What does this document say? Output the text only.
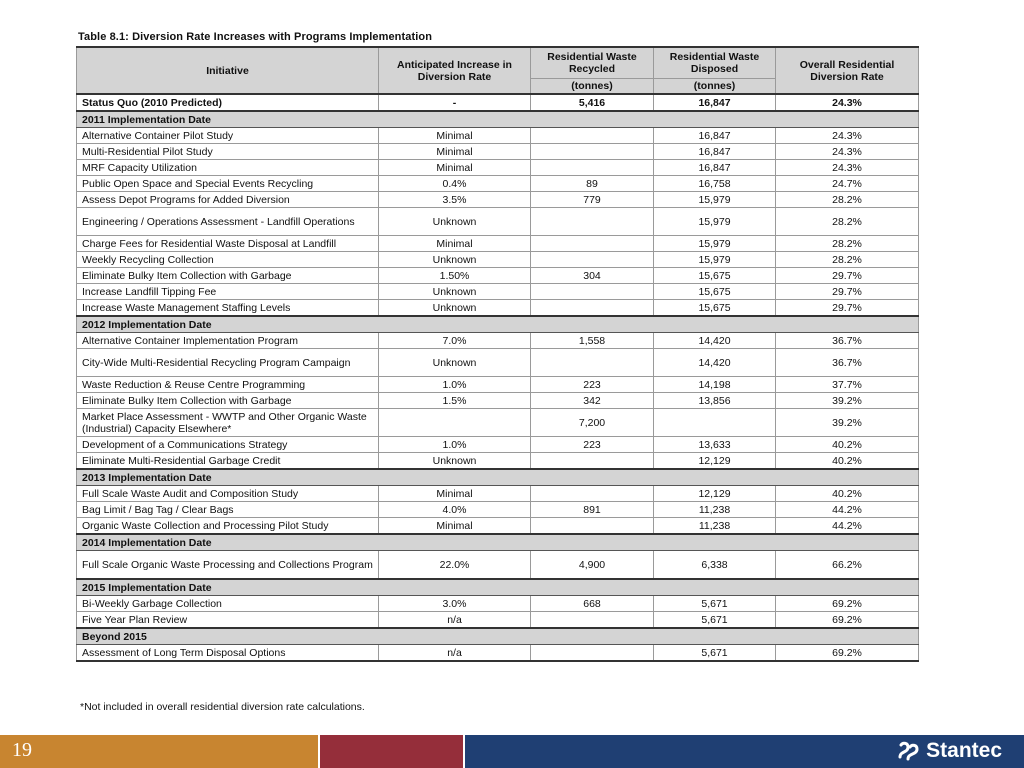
Table 8.1: Diversion Rate Increases with Programs Implementation
Initiative	Anticipated Increase in Diversion Rate	Residential Waste Recycled	Residential Waste Disposed	Overall Residential Diversion Rate
		(tonnes)	(tonnes)	
Status Quo (2010 Predicted)	-	5,416	16,847	24.3%
2011 Implementation Date				
Alternative Container Pilot Study	Minimal		16,847	24.3%
Multi-Residential Pilot Study	Minimal		16,847	24.3%
MRF Capacity Utilization	Minimal		16,847	24.3%
Public Open Space and Special Events Recycling	0.4%	89	16,758	24.7%
Assess Depot Programs for Added Diversion	3.5%	779	15,979	28.2%
Engineering / Operations Assessment - Landfill Operations	Unknown		15,979	28.2%
Charge Fees for Residential Waste Disposal at Landfill	Minimal		15,979	28.2%
Weekly Recycling Collection	Unknown		15,979	28.2%
Eliminate Bulky Item Collection with Garbage	1.50%	304	15,675	29.7%
Increase Landfill Tipping Fee	Unknown		15,675	29.7%
Increase Waste Management Staffing Levels	Unknown		15,675	29.7%
2012 Implementation Date				
Alternative Container Implementation Program	7.0%	1,558	14,420	36.7%
City-Wide Multi-Residential Recycling Program Campaign	Unknown		14,420	36.7%
Waste Reduction & Reuse Centre Programming	1.0%	223	14,198	37.7%
Eliminate Bulky Item Collection with Garbage	1.5%	342	13,856	39.2%
Market Place Assessment - WWTP and Other Organic Waste (Industrial) Capacity Elsewhere*		7,200		39.2%
Development of a Communications Strategy	1.0%	223	13,633	40.2%
Eliminate Multi-Residential Garbage Credit	Unknown		12,129	40.2%
2013 Implementation Date				
Full Scale Waste Audit and Composition Study	Minimal		12,129	40.2%
Bag Limit / Bag Tag / Clear Bags	4.0%	891	11,238	44.2%
Organic Waste Collection and Processing Pilot Study	Minimal		11,238	44.2%
2014 Implementation Date				
Full Scale Organic Waste Processing and Collections Program	22.0%	4,900	6,338	66.2%
2015 Implementation Date				
Bi-Weekly Garbage Collection	3.0%	668	5,671	69.2%
Five Year Plan Review	n/a		5,671	69.2%
Beyond 2015				
Assessment of Long Term Disposal Options	n/a		5,671	69.2%
*Not included in overall residential diversion rate calculations.
19	Stantec
